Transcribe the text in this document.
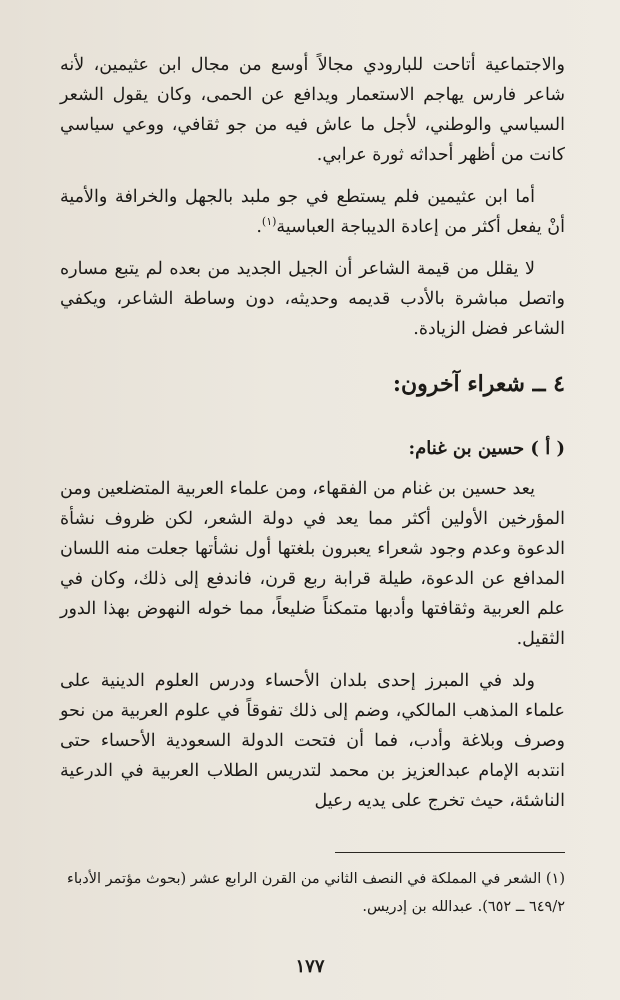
والاجتماعية أتاحت للبارودي مجالاً أوسع من مجال ابن عثيمين، لأنه شاعر فارس يهاجم الاستعمار ويدافع عن الحمى، وكان يقول الشعر السياسي والوطني، لأجل ما عاش فيه من جو ثقافي، ووعي سياسي كانت من أظهر أحداثه ثورة عرابي.

أما ابن عثيمين فلم يستطع في جو ملبد بالجهل والخرافة والأمية أنْ يفعل أكثر من إعادة الديباجة العباسية$^{(١)}$.

لا يقلل من قيمة الشاعر أن الجيل الجديد من بعده لم يتبع مساره واتصل مباشرة بالأدب قديمه وحديثه، دون وساطة الشاعر، ويكفي الشاعر فضل الزيادة.

٤ ــ شعراء آخرون:
( أ ) حسين بن غنام:

يعد حسين بن غنام من الفقهاء، ومن علماء العربية المتضلعين ومن المؤرخين الأولين أكثر مما يعد في دولة الشعر، لكن ظروف نشأة الدعوة وعدم وجود شعراء يعبرون بلغتها أول نشأتها جعلت منه اللسان المدافع عن الدعوة، طيلة قرابة ربع قرن، فاندفع إلى ذلك، وكان في علم العربية وثقافتها وأدبها متمكناً ضليعاً، مما خوله النهوض بهذا الدور الثقيل.

ولد في المبرز إحدى بلدان الأحساء ودرس العلوم الدينية على علماء المذهب المالكي، وضم إلى ذلك تفوقاً في علوم العربية من نحو وصرف وبلاغة وأدب، فما أن فتحت الدولة السعودية الأحساء حتى انتدبه الإمام عبدالعزيز بن محمد لتدريس الطلاب العربية في الدرعية الناشئة، حيث تخرج على يديه رعيل

(١) الشعر في المملكة في النصف الثاني من القرن الرابع عشر (بحوث مؤتمر الأدباء ٦٤٩/٢ ــ ٦٥٢). عبدالله بن إدريس.

١٧٧
